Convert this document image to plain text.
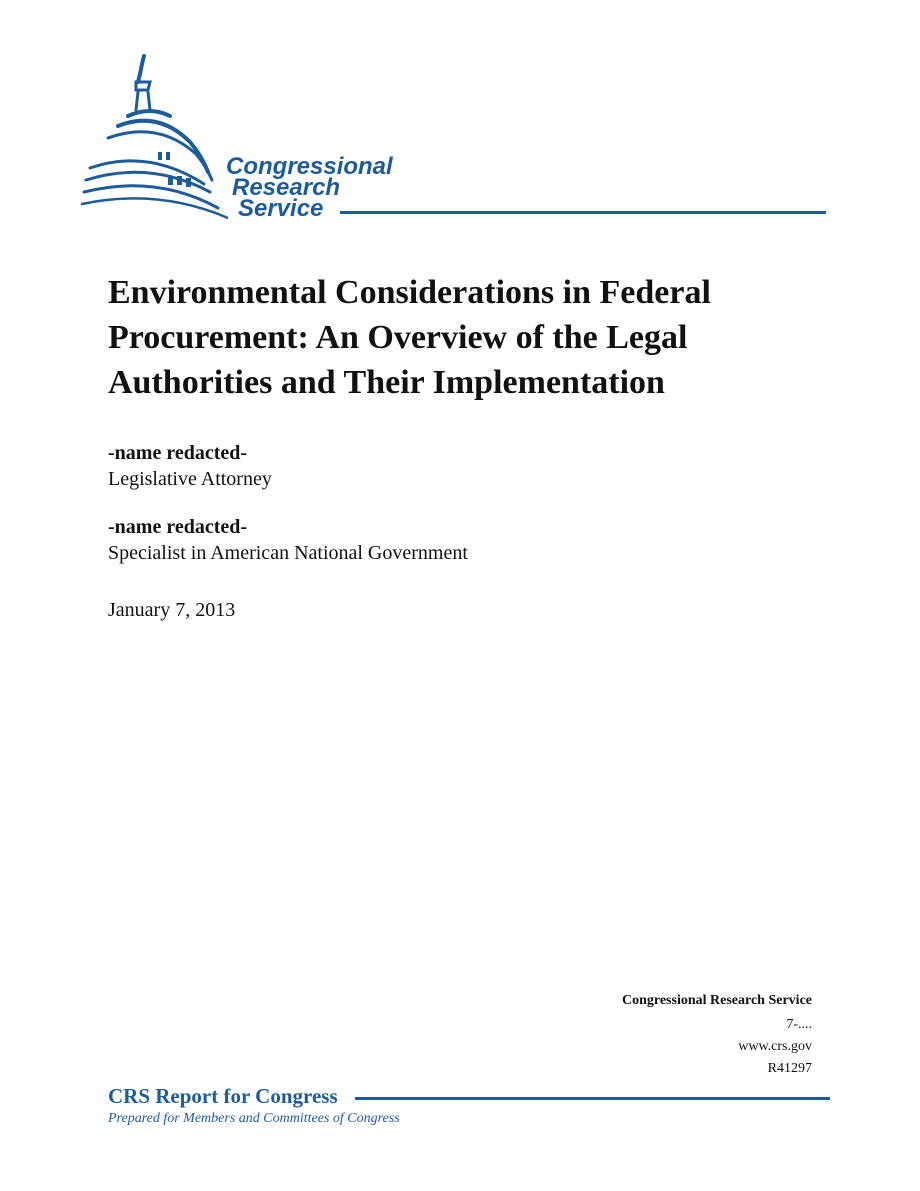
Congressional
Research
Service
Environmental Considerations in Federal Procurement: An Overview of the Legal Authorities and Their Implementation
-name redacted-
Legislative Attorney
-name redacted-
Specialist in American National Government
January 7, 2013
Congressional Research Service
7-....
www.crs.gov
R41297
CRS Report for Congress
Prepared for Members and Committees of Congress
